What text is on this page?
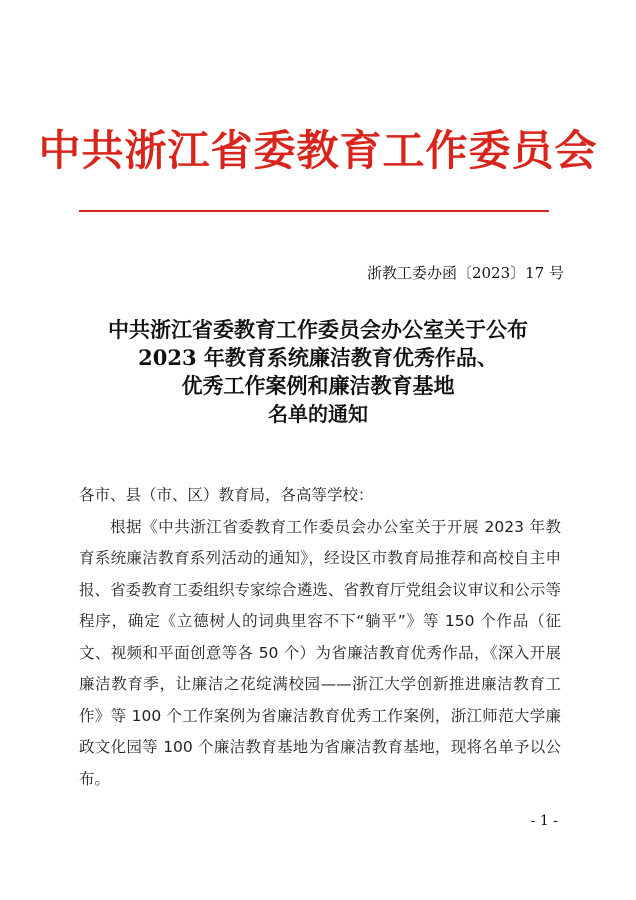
中共浙江省委教育工作委员会
浙教工委办函〔2023〕17 号
中共浙江省委教育工作委员会办公室关于公布
2023 年教育系统廉洁教育优秀作品、
优秀工作案例和廉洁教育基地
名单的通知
各市、县（市、区）教育局，各高等学校：
根据《中共浙江省委教育工作委员会办公室关于开展 2023 年教育系统廉洁教育系列活动的通知》，经设区市教育局推荐和高校自主申报、省委教育工委组织专家综合遴选、省教育厅党组会议审议和公示等程序，确定《立德树人的词典里容不下“躺平”》等 150 个作品（征文、视频和平面创意等各 50 个）为省廉洁教育优秀作品，《深入开展廉洁教育季，让廉洁之花绽满校园——浙江大学创新推进廉洁教育工作》等 100 个工作案例为省廉洁教育优秀工作案例，浙江师范大学廉政文化园等 100 个廉洁教育基地为省廉洁教育基地，现将名单予以公布。
- 1 -
